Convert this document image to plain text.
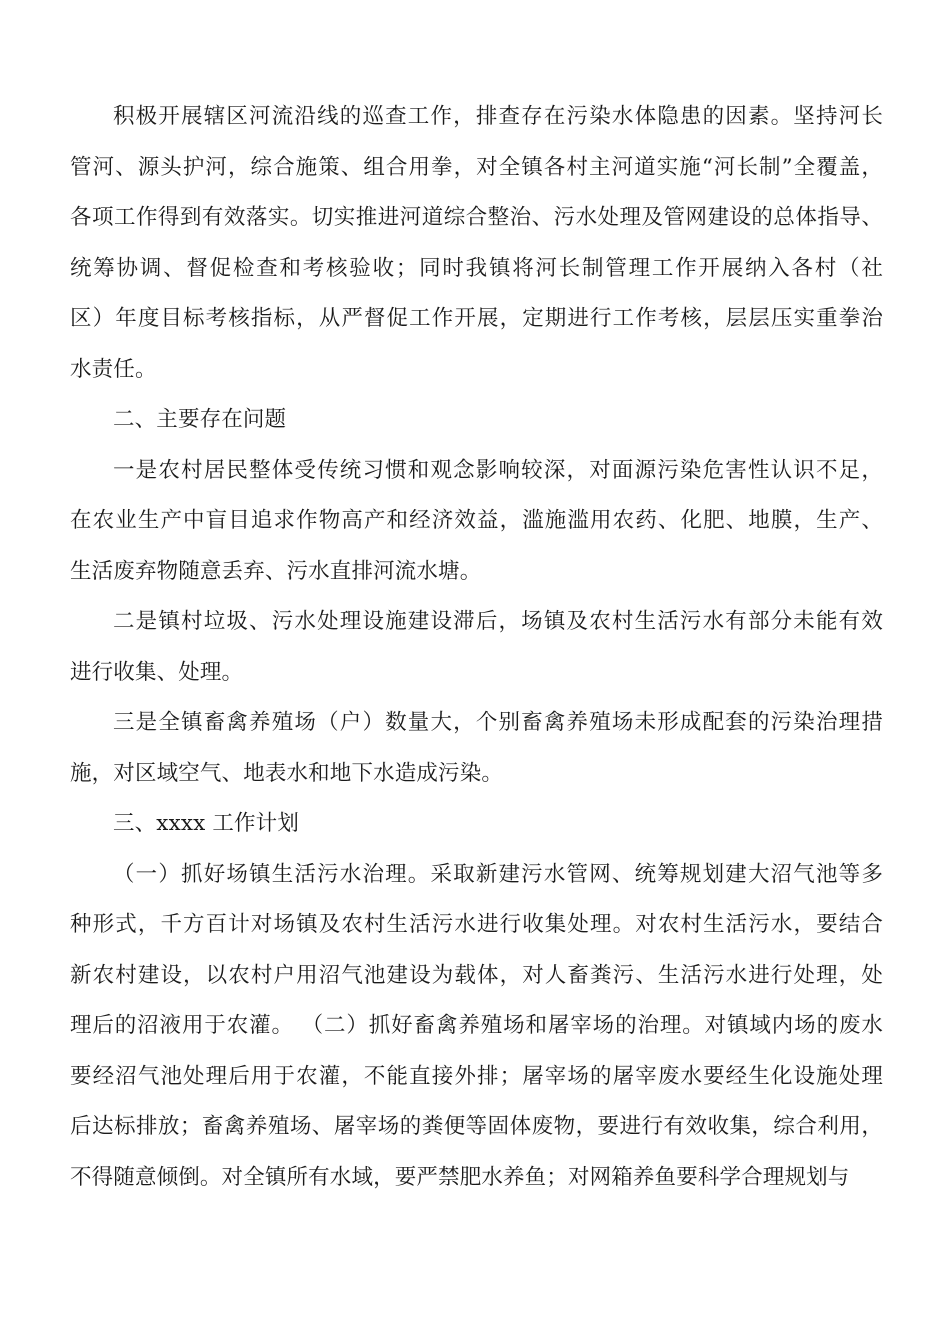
积极开展辖区河流沿线的巡查工作，排查存在污染水体隐患的因素。坚持河长
管河、源头护河，综合施策、组合用拳，对全镇各村主河道实施“河长制”全覆盖，
各项工作得到有效落实。切实推进河道综合整治、污水处理及管网建设的总体指导、
统筹协调、督促检查和考核验收；同时我镇将河长制管理工作开展纳入各村（社
区）年度目标考核指标，从严督促工作开展，定期进行工作考核，层层压实重拳治
水责任。
二、主要存在问题
一是农村居民整体受传统习惯和观念影响较深，对面源污染危害性认识不足，
在农业生产中盲目追求作物高产和经济效益，滥施滥用农药、化肥、地膜，生产、
生活废弃物随意丢弃、污水直排河流水塘。
二是镇村垃圾、污水处理设施建设滞后，场镇及农村生活污水有部分未能有效
进行收集、处理。
三是全镇畜禽养殖场（户）数量大，个别畜禽养殖场未形成配套的污染治理措
施，对区域空气、地表水和地下水造成污染。
三、xxxx 工作计划
（一）抓好场镇生活污水治理。采取新建污水管网、统筹规划建大沼气池等多
种形式，千方百计对场镇及农村生活污水进行收集处理。对农村生活污水，要结合
新农村建设，以农村户用沼气池建设为载体，对人畜粪污、生活污水进行处理，处
理后的沼液用于农灌。 （二）抓好畜禽养殖场和屠宰场的治理。对镇域内场的废水
要经沼气池处理后用于农灌，不能直接外排；屠宰场的屠宰废水要经生化设施处理
后达标排放；畜禽养殖场、屠宰场的粪便等固体废物，要进行有效收集，综合利用，
不得随意倾倒。对全镇所有水域，要严禁肥水养鱼；对网箱养鱼要科学合理规划与
